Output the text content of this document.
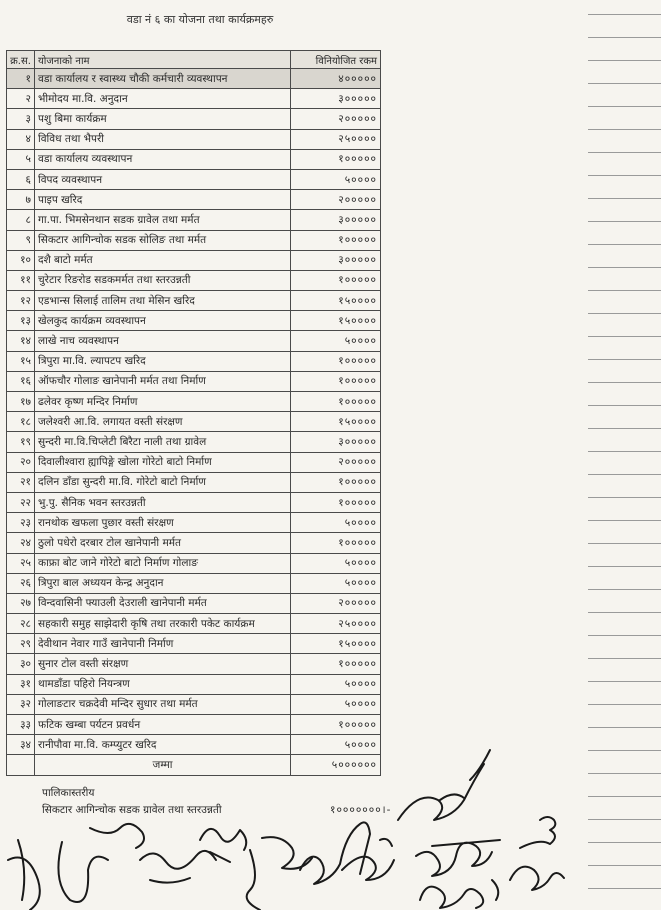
वडा नं ६ का योजना तथा कार्यक्रमहरु
क्र.स.	योजनाको नाम	विनियोजित रकम
१	वडा कार्यालय र स्वास्थ्य चौकी कर्मचारी व्यवस्थापन	४०००००
२	भीमोदय मा.वि. अनुदान	३०००००
३	पशु बिमा कार्यक्रम	२०००००
४	विविध तथा भैपरी	२५००००
५	वडा कार्यालय व्यवस्थापन	१०००००
६	विपद व्यवस्थापन	५००००
७	पाइप खरिद	२०००००
८	गा.पा. भिमसेनथान सडक ग्रावेल तथा मर्मत	३०००००
९	सिकटार आगिन्चोक सडक सोलिङ तथा मर्मत	१०००००
१०	दशै बाटो मर्मत	३०००००
११	चुरेटार रिङरोड सडकमर्मत तथा स्तरउन्नती	१०००००
१२	एडभान्स सिलाई तालिम तथा मेसिन खरिद	१५००००
१३	खेलकुद कार्यक्रम व्यवस्थापन	१५००००
१४	लाखे नाच व्यवस्थापन	५००००
१५	त्रिपुरा मा.वि. ल्यापटप खरिद	१०००००
१६	ऑफचौर गोलाङ खानेपानी मर्मत तथा निर्माण	१०००००
१७	ढलेवर कृष्ण मन्दिर निर्माण	१०००००
१८	जलेश्वरी आ.वि. लगायत वस्ती संरक्षण	१५००००
१९	सुन्दरी मा.वि.चिप्लेटी बिरैटा नाली तथा ग्रावेल	३०००००
२०	दिवालीश्वारा ह्यापिङ्गे खोला गोरेटो बाटो निर्माण	२०००००
२१	दलिन डाँडा सुन्दरी मा.वि. गोरेटो बाटो निर्माण	१०००००
२२	भु.पु. सैनिक भवन स्तरउन्नती	१०००००
२३	रानथोक खफला पुछार वस्ती संरक्षण	५००००
२४	ठुलो पधेरो दरबार टोल खानेपानी मर्मत	१०००००
२५	काफ्रा बोट जाने गोरेटो बाटो निर्माण गोलाङ	५००००
२६	त्रिपुरा बाल अध्ययन केन्द्र अनुदान	५००००
२७	विन्दवासिनी फ्याउली देउराली खानेपानी मर्मत	२०००००
२८	सहकारी समुह साझेदारी कृषि तथा तरकारी पकेट कार्यक्रम	२५००००
२९	देवीथान नेवार गाउँ खानेपानी निर्माण	१५००००
३०	सुनार टोल वस्ती संरक्षण	१०००००
३१	थामडाँडा पहिरो नियन्त्रण	५००००
३२	गोलाङटार चक्रदेवी मन्दिर सुधार तथा मर्मत	५००००
३३	फटिक खम्बा पर्यटन प्रवर्धन	१०००००
३४	रानीपौवा मा.वि. कम्प्युटर खरिद	५००००
	जम्मा	५००००००
पालिकास्तरीय
सिकटार आगिन्चोक सडक ग्रावेल तथा स्तरउन्नती	१०००००००।-
